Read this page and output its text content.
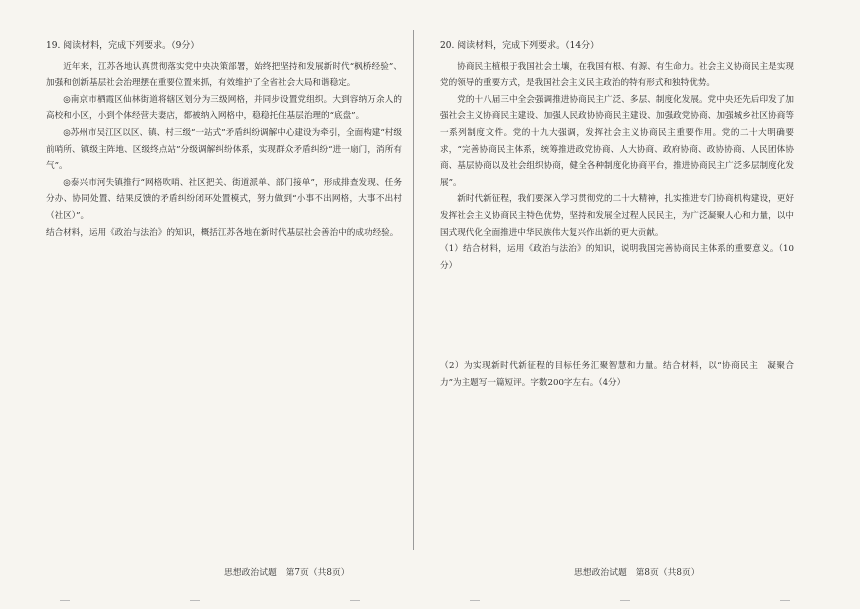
19. 阅读材料，完成下列要求。（9分）

近年来，江苏各地认真贯彻落实党中央决策部署，始终把坚持和发展新时代“枫桥经验”、加强和创新基层社会治理摆在重要位置来抓，有效维护了全省社会大局和谐稳定。

◎南京市栖霞区仙林街道将辖区划分为三级网格，并同步设置党组织。大到容纳万余人的高校和小区，小到个体经营夫妻店，都被纳入网格中，稳稳托住基层治理的“底盘”。

◎苏州市吴江区以区、镇、村三级“一站式”矛盾纠纷调解中心建设为牵引，全面构建“村级前哨所、镇级主阵地、区级终点站”分级调解纠纷体系，实现群众矛盾纠纷“进一扇门，消所有气”。

◎泰兴市河失镇推行“网格吹哨、社区把关、街道派单、部门接单”，形成排查发现、任务分办、协同处置、结果反馈的矛盾纠纷闭环处置模式，努力做到“小事不出网格，大事不出村（社区）”。

结合材料，运用《政治与法治》的知识，概括江苏各地在新时代基层社会善治中的成功经验。

20. 阅读材料，完成下列要求。（14分）

协商民主植根于我国社会土壤，在我国有根、有源、有生命力。社会主义协商民主是实现党的领导的重要方式，是我国社会主义民主政治的特有形式和独特优势。

党的十八届三中全会强调推进协商民主广泛、多层、制度化发展。党中央还先后印发了加强社会主义协商民主建设、加强人民政协协商民主建设、加强政党协商、加强城乡社区协商等一系列制度文件。党的十九大强调，发挥社会主义协商民主重要作用。党的二十大明确要求，“完善协商民主体系，统筹推进政党协商、人大协商、政府协商、政协协商、人民团体协商、基层协商以及社会组织协商，健全各种制度化协商平台，推进协商民主广泛多层制度化发展”。

新时代新征程，我们要深入学习贯彻党的二十大精神，扎实推进专门协商机构建设，更好发挥社会主义协商民主特色优势，坚持和发展全过程人民民主，为广泛凝聚人心和力量，以中国式现代化全面推进中华民族伟大复兴作出新的更大贡献。

（1）结合材料，运用《政治与法治》的知识，说明我国完善协商民主体系的重要意义。（10分）

（2）为实现新时代新征程的目标任务汇聚智慧和力量。结合材料，以“协商民主　凝聚合力”为主题写一篇短评。字数200字左右。（4分）

思想政治试题　第7页（共8页）	思想政治试题　第8页（共8页）
